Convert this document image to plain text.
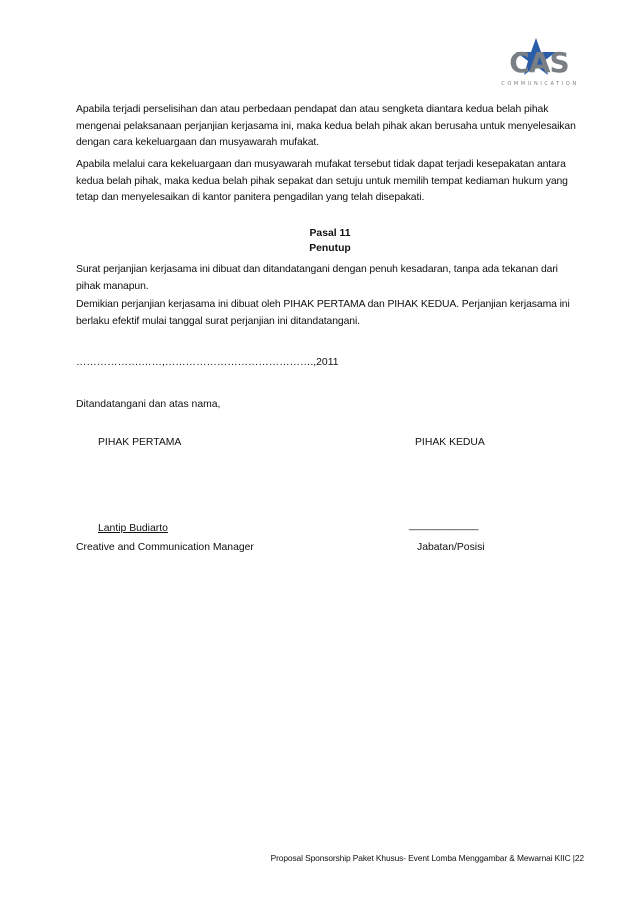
CAS
COMMUNICATION

Apabila terjadi perselisihan dan atau perbedaan pendapat dan atau sengketa diantara kedua belah pihak mengenai pelaksanaan perjanjian kerjasama ini, maka kedua belah pihak akan berusaha untuk menyelesaikan dengan cara kekeluargaan dan musyawarah mufakat.

Apabila melalui cara kekeluargaan dan musyawarah mufakat tersebut tidak dapat terjadi kesepakatan antara kedua belah pihak, maka kedua belah pihak sepakat dan setuju untuk memilih tempat kediaman hukum yang tetap dan menyelesaikan di kantor panitera pengadilan yang telah disepakati.

Pasal 11
Penutup

Surat perjanjian kerjasama ini dibuat dan ditandatangani dengan penuh kesadaran, tanpa ada tekanan dari pihak manapun.

Demikian perjanjian kerjasama ini dibuat oleh PIHAK PERTAMA dan PIHAK KEDUA. Perjanjian kerjasama ini berlaku efektif mulai tanggal surat perjanjian ini ditandatangani.

……………….……,…………………………………….,2011
Ditandatangani dan atas nama,
PIHAK PERTAMA	PIHAK KEDUA
Lantip Budiarto	____________
Creative and Communication Manager	Jabatan/Posisi
Proposal Sponsorship Paket Khusus- Event Lomba Menggambar & Mewarnai KIIC |22
